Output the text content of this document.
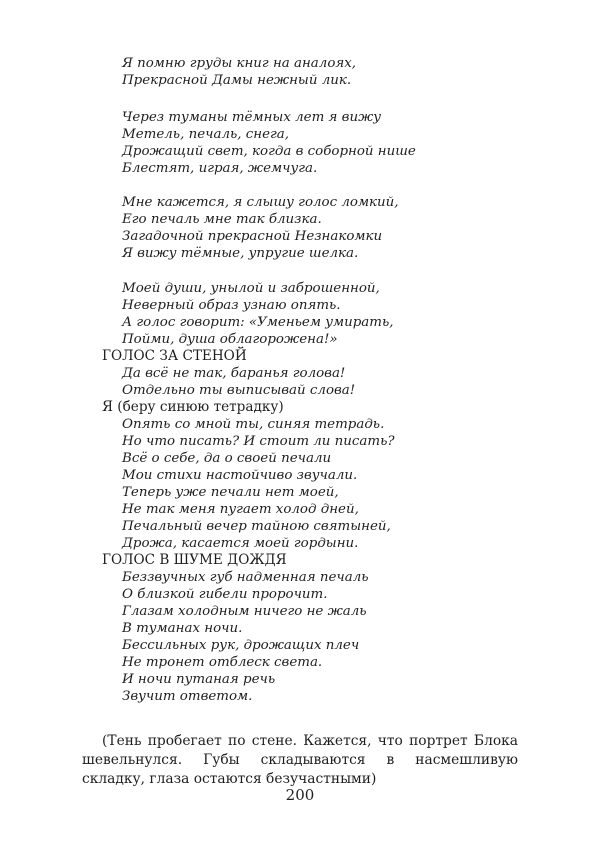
Я помню груды книг на аналоях,
Прекрасной Дамы нежный лик.
Через туманы тёмных лет я вижу
Метель, печаль, снега,
Дрожащий свет, когда в соборной нише
Блестят, играя, жемчуга.
Мне кажется, я слышу голос ломкий,
Его печаль мне так близка.
Загадочной прекрасной Незнакомки
Я вижу тёмные, упругие шелка.
Моей души, унылой и заброшенной,
Неверный образ узнаю опять.
А голос говорит: «Уменьем умирать,
Пойми, душа облагорожена!»
ГОЛОС ЗА СТЕНОЙ
Да всё не так, баранья голова!
Отдельно ты выписывай слова!
Я (беру синюю тетрадку)
Опять со мной ты, синяя тетрадь.
Но что писать? И стоит ли писать?
Всё о себе, да о своей печали
Мои стихи настойчиво звучали.
Теперь уже печали нет моей,
Не так меня пугает холод дней,
Печальный вечер тайною святыней,
Дрожа, касается моей гордыни.
ГОЛОС В ШУМЕ ДОЖДЯ
Беззвучных губ надменная печаль
О близкой гибели пророчит.
Глазам холодным ничего не жаль
В туманах ночи.
Бессильных рук, дрожащих плеч
Не тронет отблеск света.
И ночи путаная речь
Звучит ответом.

(Тень пробегает по стене. Кажется, что портрет Блока шевельнулся. Губы складываются в насмешливую складку, глаза остаются безучастными)

200
